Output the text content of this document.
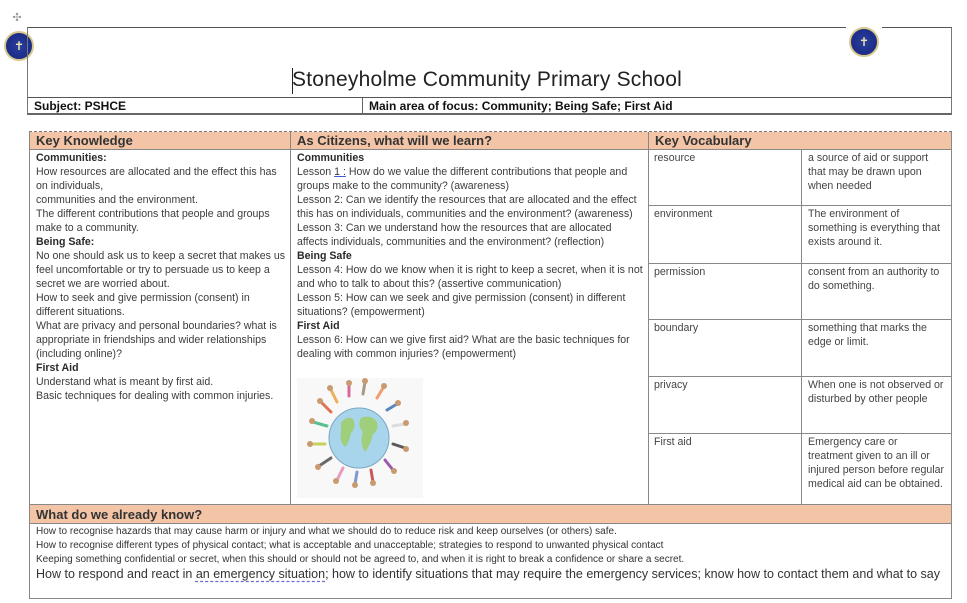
✣
✝	✝
Stoneyholme Community Primary School
Subject: PSHCE	Main area of focus: Community; Being Safe; First Aid
Key Knowledge
Communities:
How resources are allocated and the effect this has on individuals,
communities and the environment.
The different contributions that people and groups make to a community.
Being Safe:
No one should ask us to keep a secret that makes us feel uncomfortable or try to persuade us to keep a secret we are worried about.
How to seek and give permission (consent) in different situations.
What are privacy and personal boundaries? what is appropriate in friendships and wider relationships (including online)?
First Aid
Understand what is meant by first aid.
Basic techniques for dealing with common injuries.
As Citizens, what will we learn?
Communities
Lesson 1 : How do we value the different contributions that people and groups make to the community? (awareness)
Lesson 2: Can we identify the resources that are allocated and the effect this has on individuals, communities and the environment? (awareness)
Lesson 3: Can we understand how the resources that are allocated affects individuals, communities and the environment? (reflection)
Being Safe
Lesson 4: How do we know when it is right to keep a secret, when it is not and who to talk to about this? (assertive communication)
Lesson 5: How can we seek and give permission (consent) in different situations? (empowerment)
First Aid
Lesson 6: How can we give first aid? What are the basic techniques for dealing with common injuries? (empowerment)
Key Vocabulary
resource	a source of aid or support that may be drawn upon when needed
environment	The environment of something is everything that exists around it.
permission	consent from an authority to do something.
boundary	something that marks the edge or limit.
privacy	When one is not observed or disturbed by other people
First aid	Emergency care or treatment given to an ill or injured person before regular medical aid can be obtained.
What do we already know?
How to recognise hazards that may cause harm or injury and what we should do to reduce risk and keep ourselves (or others) safe.
How to recognise different types of physical contact; what is acceptable and unacceptable; strategies to respond to unwanted physical contact
Keeping something confidential or secret, when this should or should not be agreed to, and when it is right to break a confidence or share a secret.
How to respond and react in an emergency situation; how to identify situations that may require the emergency services; know how to contact them and what to say
